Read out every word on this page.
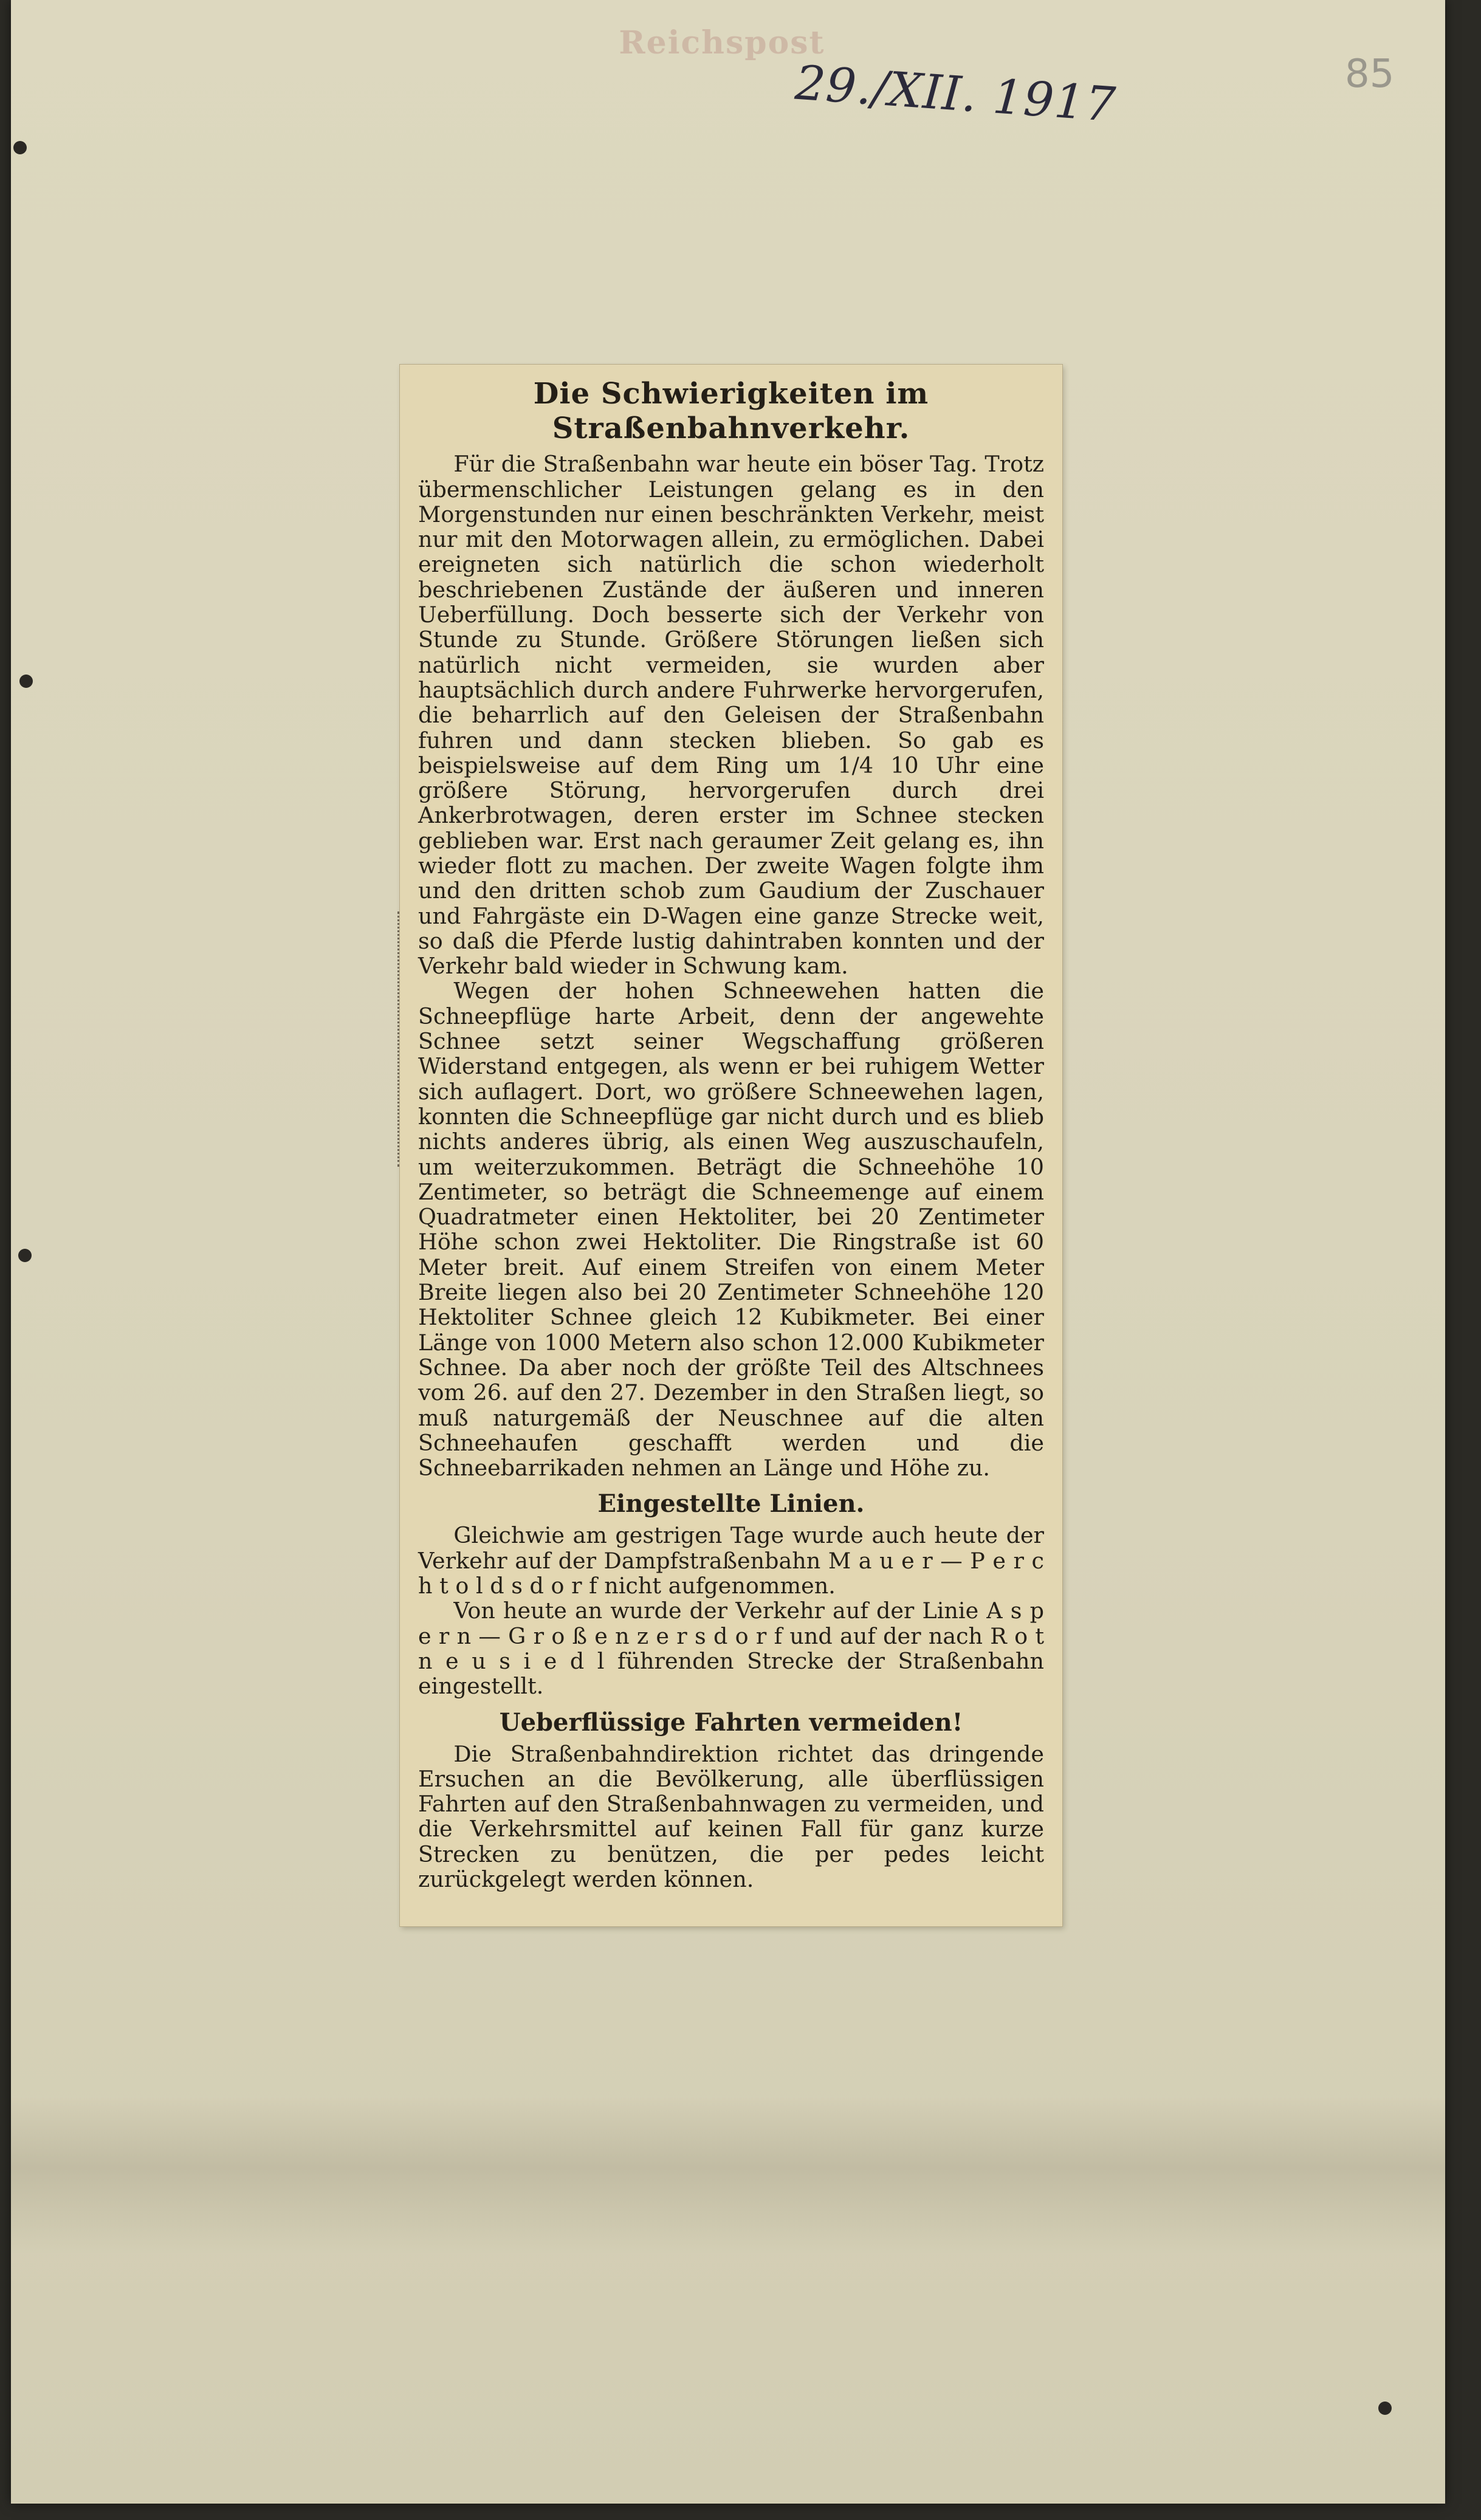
Reichspost
29./XII. 1917	85
Die Schwierigkeiten im Straßenbahnverkehr.

Für die Straßenbahn war heute ein böser Tag. Trotz übermenschlicher Leistungen gelang es in den Morgenstunden nur einen beschränkten Verkehr, meist nur mit den Motorwagen allein, zu ermöglichen. Dabei ereigneten sich natürlich die schon wiederholt beschriebenen Zustände der äußeren und inneren Ueberfüllung. Doch besserte sich der Verkehr von Stunde zu Stunde. Größere Störungen ließen sich natürlich nicht vermeiden, sie wurden aber hauptsächlich durch andere Fuhrwerke hervorgerufen, die beharrlich auf den Geleisen der Straßenbahn fuhren und dann stecken blieben. So gab es beispielsweise auf dem Ring um 1/4 10 Uhr eine größere Störung, hervorgerufen durch drei Ankerbrotwagen, deren erster im Schnee stecken geblieben war. Erst nach geraumer Zeit gelang es, ihn wieder flott zu machen. Der zweite Wagen folgte ihm und den dritten schob zum Gaudium der Zuschauer und Fahrgäste ein D-Wagen eine ganze Strecke weit, so daß die Pferde lustig dahintraben konnten und der Verkehr bald wieder in Schwung kam.

Wegen der hohen Schneewehen hatten die Schneepflüge harte Arbeit, denn der angewehte Schnee setzt seiner Wegschaffung größeren Widerstand entgegen, als wenn er bei ruhigem Wetter sich auflagert. Dort, wo größere Schneewehen lagen, konnten die Schneepflüge gar nicht durch und es blieb nichts anderes übrig, als einen Weg auszuschaufeln, um weiterzukommen. Beträgt die Schneehöhe 10 Zentimeter, so beträgt die Schneemenge auf einem Quadratmeter einen Hektoliter, bei 20 Zentimeter Höhe schon zwei Hektoliter. Die Ringstraße ist 60 Meter breit. Auf einem Streifen von einem Meter Breite liegen also bei 20 Zentimeter Schneehöhe 120 Hektoliter Schnee gleich 12 Kubikmeter. Bei einer Länge von 1000 Metern also schon 12.000 Kubikmeter Schnee. Da aber noch der größte Teil des Altschnees vom 26. auf den 27. Dezember in den Straßen liegt, so muß naturgemäß der Neuschnee auf die alten Schneehaufen geschafft werden und die Schneebarrikaden nehmen an Länge und Höhe zu.

Eingestellte Linien.

Gleichwie am gestrigen Tage wurde auch heute der Verkehr auf der Dampfstraßenbahn M a u e r — P e r c h t o l d s d o r f nicht aufgenommen.

Von heute an wurde der Verkehr auf der Linie A s p e r n — G r o ß e n z e r s d o r f und auf der nach R o t n e u s i e d l führenden Strecke der Straßenbahn eingestellt.

Ueberflüssige Fahrten vermeiden!

Die Straßenbahndirektion richtet das dringende Ersuchen an die Bevölkerung, alle überflüssigen Fahrten auf den Straßenbahnwagen zu vermeiden, und die Verkehrsmittel auf keinen Fall für ganz kurze Strecken zu benützen, die per pedes leicht zurückgelegt werden können.
